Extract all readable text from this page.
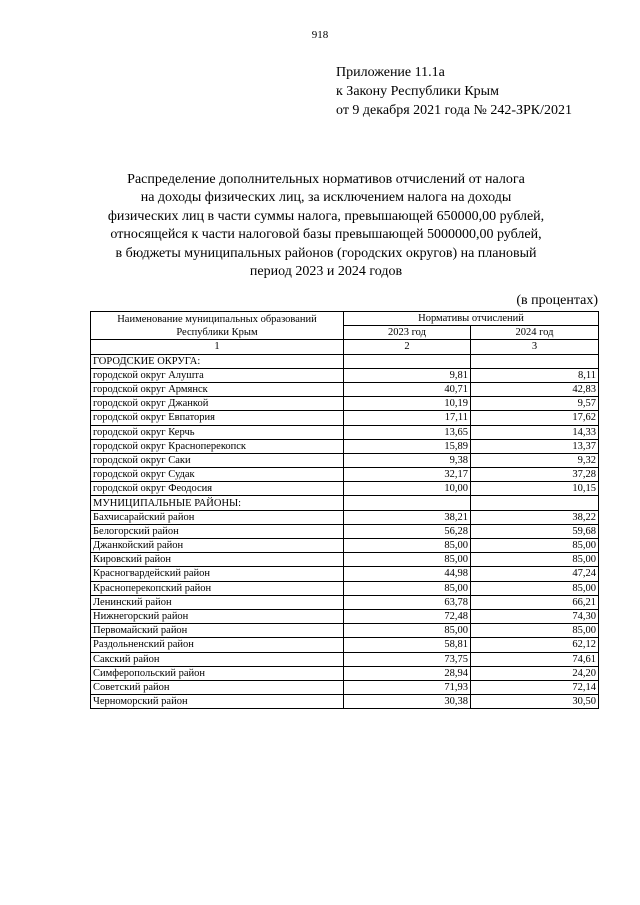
918
Приложение 11.1а
к Закону Республики Крым
от 9 декабря 2021 года № 242-ЗРК/2021
Распределение дополнительных нормативов отчислений от налога
на доходы физических лиц, за исключением налога на доходы
физических лиц в части суммы налога, превышающей 650000,00 рублей,
относящейся к части налоговой базы превышающей 5000000,00 рублей,
в бюджеты муниципальных районов (городских округов) на плановый
период 2023 и 2024 годов
(в процентах)
Наименование муниципальных образований
Республики Крым	Нормативы отчислений	
	2023 год	2024 год
1	2	3
ГОРОДСКИЕ ОКРУГА:		
городской округ Алушта	9,81	8,11
городской округ Армянск	40,71	42,83
городской округ Джанкой	10,19	9,57
городской округ Евпатория	17,11	17,62
городской округ Керчь	13,65	14,33
городской округ Красноперекопск	15,89	13,37
городской округ Саки	9,38	9,32
городской округ Судак	32,17	37,28
городской округ Феодосия	10,00	10,15
МУНИЦИПАЛЬНЫЕ РАЙОНЫ:		
Бахчисарайский район	38,21	38,22
Белогорский район	56,28	59,68
Джанкойский район	85,00	85,00
Кировский район	85,00	85,00
Красногвардейский район	44,98	47,24
Красноперекопский район	85,00	85,00
Ленинский район	63,78	66,21
Нижнегорский район	72,48	74,30
Первомайский район	85,00	85,00
Раздольненский район	58,81	62,12
Сакский район	73,75	74,61
Симферопольский район	28,94	24,20
Советский район	71,93	72,14
Черноморский район	30,38	30,50
